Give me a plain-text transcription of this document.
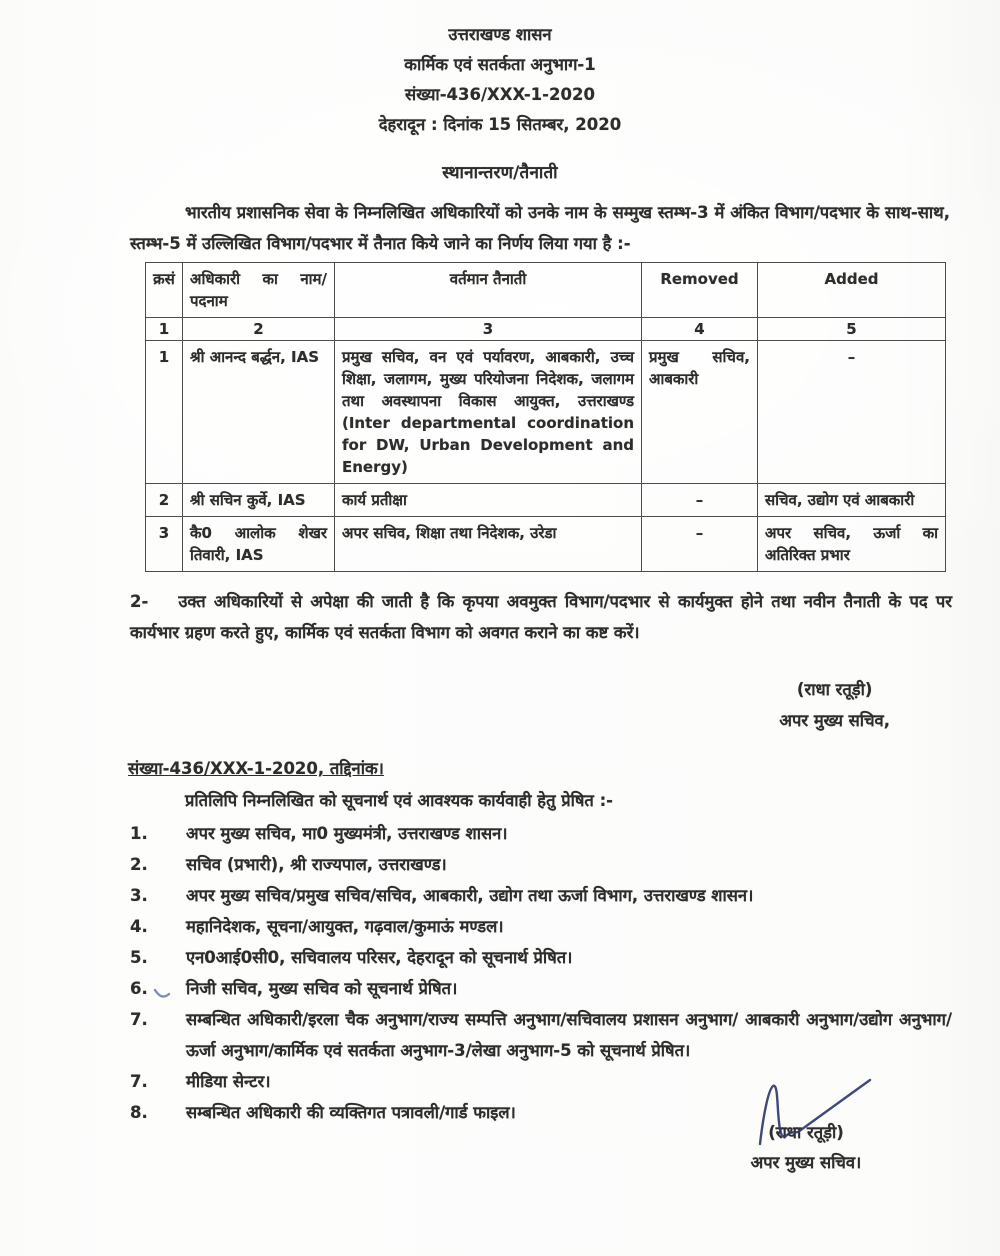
उत्तराखण्ड शासन
कार्मिक एवं सतर्कता अनुभाग-1
संख्या-436/XXX-1-2020
देहरादून : दिनांक 15 सितम्बर, 2020
स्थानान्तरण/तैनाती

भारतीय प्रशासनिक सेवा के निम्नलिखित अधिकारियों को उनके नाम के सम्मुख स्तम्भ-3 में अंकित विभाग/पदभार के साथ-साथ, स्तम्भ-5 में उल्लिखित विभाग/पदभार में तैनात किये जाने का निर्णय लिया गया है :-

क्रसं	अधिकारी का नाम/ पदनाम	वर्तमान तैनाती	Removed	Added
1	2	3	4	5
1	श्री आनन्द बर्द्धन, IAS	प्रमुख सचिव, वन एवं पर्यावरण, आबकारी, उच्च शिक्षा, जलागम, मुख्य परियोजना निदेशक, जलागम तथा अवस्थापना विकास आयुक्त, उत्तराखण्ड (Inter departmental coordination for DW, Urban Development and Energy)	प्रमुख सचिव, आबकारी	–
2	श्री सचिन कुर्वे, IAS	कार्य प्रतीक्षा	–	सचिव, उद्योग एवं आबकारी
3	कै0 आलोक शेखर तिवारी, IAS	अपर सचिव, शिक्षा तथा निदेशक, उरेडा	–	अपर सचिव, ऊर्जा का अतिरिक्त प्रभार

2- उक्त अधिकारियों से अपेक्षा की जाती है कि कृपया अवमुक्त विभाग/पदभार से कार्यमुक्त होने तथा नवीन तैनाती के पद पर कार्यभार ग्रहण करते हुए, कार्मिक एवं सतर्कता विभाग को अवगत कराने का कष्ट करें।

(राधा रतूड़ी)
अपर मुख्य सचिव,
संख्या-436/XXX-1-2020, तद्दिनांक।
प्रतिलिपि निम्नलिखित को सूचनार्थ एवं आवश्यक कार्यवाही हेतु प्रेषित :-
1.	अपर मुख्य सचिव, मा0 मुख्यमंत्री, उत्तराखण्ड शासन।
2.	सचिव (प्रभारी), श्री राज्यपाल, उत्तराखण्ड।
3.	अपर मुख्य सचिव/प्रमुख सचिव/सचिव, आबकारी, उद्योग तथा ऊर्जा विभाग, उत्तराखण्ड शासन।
4.	महानिदेशक, सूचना/आयुक्त, गढ़वाल/कुमाऊं मण्डल।
5.	एन0आई0सी0, सचिवालय परिसर, देहरादून को सूचनार्थ प्रेषित।
6.	निजी सचिव, मुख्य सचिव को सूचनार्थ प्रेषित।
7.	सम्बन्धित अधिकारी/इरला चैक अनुभाग/राज्य सम्पत्ति अनुभाग/सचिवालय प्रशासन अनुभाग/ आबकारी अनुभाग/उद्योग अनुभाग/ऊर्जा अनुभाग/कार्मिक एवं सतर्कता अनुभाग-3/लेखा अनुभाग-5 को सूचनार्थ प्रेषित।
7.	मीडिया सेन्टर।
8.	सम्बन्धित अधिकारी की व्यक्तिगत पत्रावली/गार्ड फाइल।
(राधा रतूड़ी)
अपर मुख्य सचिव।
